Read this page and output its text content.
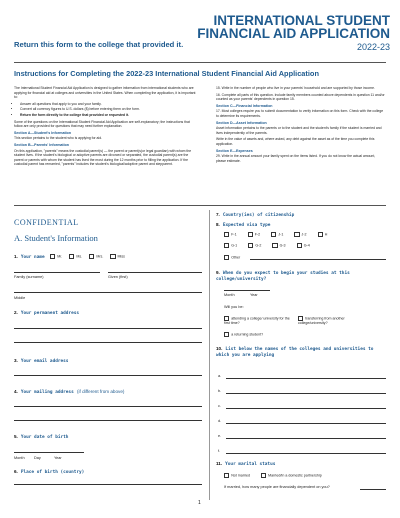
INTERNATIONAL STUDENT
FINANCIAL AID APPLICATION
2022-23
Return this form to the college that provided it.
Instructions for Completing the 2022-23 International Student Financial Aid Application

The International Student Financial Aid Application is designed to gather information from international students who are applying for financial aid at colleges and universities in the United States. When completing the application, it is important to:

• Answer all questions that apply to you and your family.
• Convert all currency figures to U.S. dollars ($) before entering them on the form.
• Return the form directly to the college that provided or requested it.

Some of the questions on the International Student Financial Aid Application are self-explanatory; the instructions that follow are only provided for questions that may need further explanation.

Section A—Student's Information

This section pertains to the student who is applying for aid.

Section B—Parents' Information

On this application, "parents" means the custodial parent(s) — the parent or parent(s)or legal guardian) with whom the student lives. If the student's biological or adoptive parents are divorced or separated, the custodial parent(s) are the parent or parents with whom the student has lived the most during the 12 months prior to filling the application. If the custodial parent has remarried, "parents" includes the student's biological/adoptive parent and stepparent.

15. Write in the number of people who live in your parents' household and are supported by those income.

16. Complete all parts of this question. Include family members counted above dependents in question 11 and/or counted as your parents' dependents in question 15.

Section C—Financial Information

17. Most colleges require you to submit documentation to verify information on this form. Check with the college to determine its requirements.

Section D—Asset Information

Asset information pertains to the parents or to the student and the student's family if the student is married and lives independently of the parents.

Write in the value of assets and, where asked, any debt against the asset as of the time you complete this application.

Section E—Expenses

29. Write in the annual amount your family spent on the items listed. If you do not know the actual amount, please estimate.

CONFIDENTIAL
A. Student's Information
1. Your name	Mr.	Ms.	Mrs.	Miss
Family (surname)	Given (first)
Middle
2. Your permanent address
3. Your email address
4. Your mailing address (if different from above)
5. Your date of birth
Month Day	Year
6. Place of birth (country)
7. Country(ies) of citizenship
8. Expected visa type
F-1	F-2	J-1	J-2	H
G-1	G-2	G-3	G-4
Other
9. When do you expect to begin your studies at this college/university?
Month	Year
Will you be:
attending a college/ university for the first time?
transferring from another college/university?
a returning student?
10. List below the names of the colleges and universities to which you are applying
a.
b.
c.
d.
e.
f.
11. Your marital status
Not married	Married/In a domestic partnership
If married, how many people are financially dependent on you?
1
